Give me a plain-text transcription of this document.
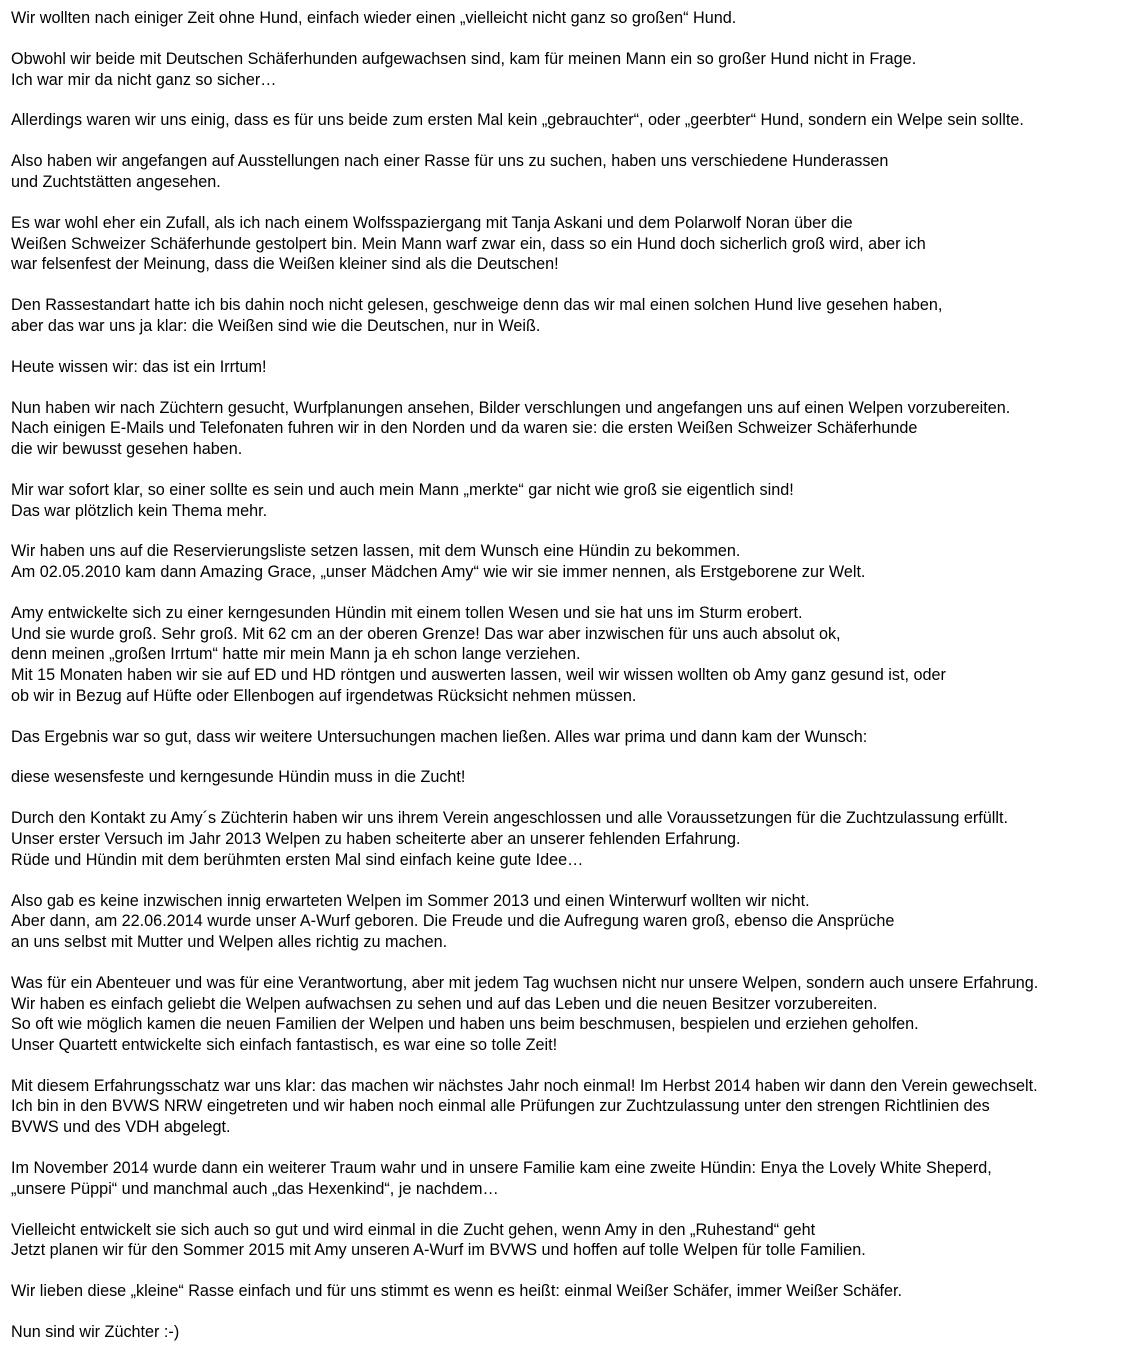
Wir wollten nach einiger Zeit ohne Hund, einfach wieder einen „vielleicht nicht ganz so großen“ Hund.
Obwohl wir beide mit Deutschen Schäferhunden aufgewachsen sind, kam für meinen Mann ein so großer Hund nicht in Frage.
Ich war mir da nicht ganz so sicher…
Allerdings waren wir uns einig, dass es für uns beide zum ersten Mal kein „gebrauchter“, oder „geerbter“ Hund, sondern ein Welpe sein sollte.
Also haben wir angefangen auf Ausstellungen nach einer Rasse für uns zu suchen, haben uns verschiedene Hunderassen
und Zuchtstätten angesehen.
Es war wohl eher ein Zufall, als ich nach einem Wolfsspaziergang mit Tanja Askani und dem Polarwolf Noran über die
Weißen Schweizer Schäferhunde gestolpert bin. Mein Mann warf zwar ein, dass so ein Hund doch sicherlich groß wird, aber ich
war felsenfest der Meinung, dass die Weißen kleiner sind als die Deutschen!
Den Rassestandart hatte ich bis dahin noch nicht gelesen, geschweige denn das wir mal einen solchen Hund live gesehen haben,
aber das war uns ja klar: die Weißen sind wie die Deutschen, nur in Weiß.
Heute wissen wir: das ist ein Irrtum!
Nun haben wir nach Züchtern gesucht, Wurfplanungen ansehen, Bilder verschlungen und angefangen uns auf einen Welpen vorzubereiten.
Nach einigen E-Mails und Telefonaten fuhren wir in den Norden und da waren sie: die ersten Weißen Schweizer Schäferhunde
die wir bewusst gesehen haben.
Mir war sofort klar, so einer sollte es sein und auch mein Mann „merkte“ gar nicht wie groß sie eigentlich sind!
Das war plötzlich kein Thema mehr.
Wir haben uns auf die Reservierungsliste setzen lassen, mit dem Wunsch eine Hündin zu bekommen.
Am 02.05.2010 kam dann Amazing Grace, „unser Mädchen Amy“ wie wir sie immer nennen, als Erstgeborene zur Welt.
Amy entwickelte sich zu einer kerngesunden Hündin mit einem tollen Wesen und sie hat uns im Sturm erobert.
Und sie wurde groß. Sehr groß. Mit 62 cm an der oberen Grenze! Das war aber inzwischen für uns auch absolut ok,
denn meinen „großen Irrtum“ hatte mir mein Mann ja eh schon lange verziehen.
Mit 15 Monaten haben wir sie auf ED und HD röntgen und auswerten lassen, weil wir wissen wollten ob Amy ganz gesund ist, oder
ob wir in Bezug auf Hüfte oder Ellenbogen auf irgendetwas Rücksicht nehmen müssen.
Das Ergebnis war so gut, dass wir weitere Untersuchungen machen ließen. Alles war prima und dann kam der Wunsch:
diese wesensfeste und kerngesunde Hündin muss in die Zucht!
Durch den Kontakt zu Amy´s Züchterin haben wir uns ihrem Verein angeschlossen und alle Voraussetzungen für die Zuchtzulassung erfüllt.
Unser erster Versuch im Jahr 2013 Welpen zu haben scheiterte aber an unserer fehlenden Erfahrung.
Rüde und Hündin mit dem berühmten ersten Mal sind einfach keine gute Idee…
Also gab es keine inzwischen innig erwarteten Welpen im Sommer 2013 und einen Winterwurf wollten wir nicht.
Aber dann, am 22.06.2014 wurde unser A-Wurf geboren. Die Freude und die Aufregung waren groß, ebenso die Ansprüche
an uns selbst mit Mutter und Welpen alles richtig zu machen.
Was für ein Abenteuer und was für eine Verantwortung, aber mit jedem Tag wuchsen nicht nur unsere Welpen, sondern auch unsere Erfahrung.
Wir haben es einfach geliebt die Welpen aufwachsen zu sehen und auf das Leben und die neuen Besitzer vorzubereiten.
So oft wie möglich kamen die neuen Familien der Welpen und haben uns beim beschmusen, bespielen und erziehen geholfen.
Unser Quartett entwickelte sich einfach fantastisch, es war eine so tolle Zeit!
Mit diesem Erfahrungsschatz war uns klar: das machen wir nächstes Jahr noch einmal! Im Herbst 2014 haben wir dann den Verein gewechselt.
Ich bin in den BVWS NRW eingetreten und wir haben noch einmal alle Prüfungen zur Zuchtzulassung unter den strengen Richtlinien des
BVWS und des VDH abgelegt.
Im November 2014 wurde dann ein weiterer Traum wahr und in unsere Familie kam eine zweite Hündin: Enya the Lovely White Sheperd,
„unsere Püppi“ und manchmal auch „das Hexenkind“, je nachdem…
Vielleicht entwickelt sie sich auch so gut und wird einmal in die Zucht gehen, wenn Amy in den „Ruhestand“ geht
Jetzt planen wir für den Sommer 2015 mit Amy unseren A-Wurf im BVWS und hoffen auf tolle Welpen für tolle Familien.
Wir lieben diese „kleine“ Rasse einfach und für uns stimmt es wenn es heißt: einmal Weißer Schäfer, immer Weißer Schäfer.
Nun sind wir Züchter :-)
